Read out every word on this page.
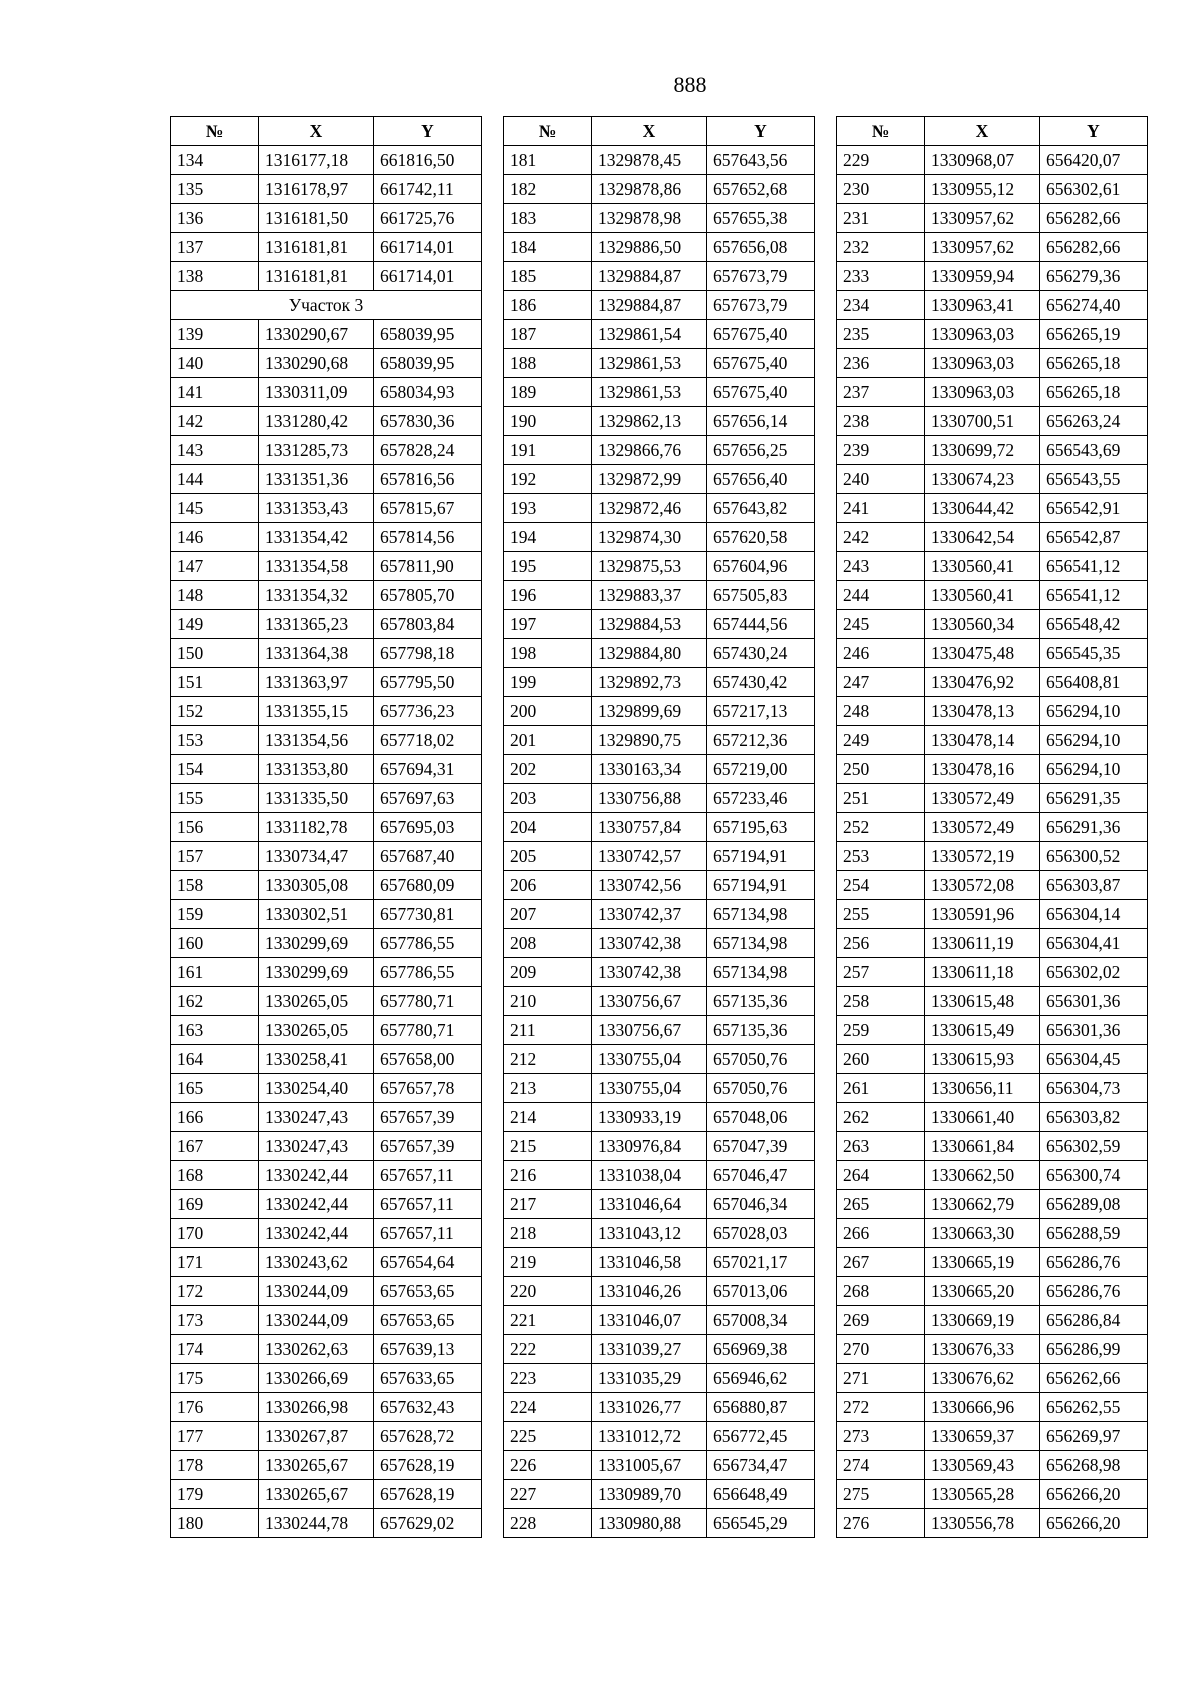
888
№	X	Y
134	1316177,18	661816,50
135	1316178,97	661742,11
136	1316181,50	661725,76
137	1316181,81	661714,01
138	1316181,81	661714,01
Участок 3		
139	1330290,67	658039,95
140	1330290,68	658039,95
141	1330311,09	658034,93
142	1331280,42	657830,36
143	1331285,73	657828,24
144	1331351,36	657816,56
145	1331353,43	657815,67
146	1331354,42	657814,56
147	1331354,58	657811,90
148	1331354,32	657805,70
149	1331365,23	657803,84
150	1331364,38	657798,18
151	1331363,97	657795,50
152	1331355,15	657736,23
153	1331354,56	657718,02
154	1331353,80	657694,31
155	1331335,50	657697,63
156	1331182,78	657695,03
157	1330734,47	657687,40
158	1330305,08	657680,09
159	1330302,51	657730,81
160	1330299,69	657786,55
161	1330299,69	657786,55
162	1330265,05	657780,71
163	1330265,05	657780,71
164	1330258,41	657658,00
165	1330254,40	657657,78
166	1330247,43	657657,39
167	1330247,43	657657,39
168	1330242,44	657657,11
169	1330242,44	657657,11
170	1330242,44	657657,11
171	1330243,62	657654,64
172	1330244,09	657653,65
173	1330244,09	657653,65
174	1330262,63	657639,13
175	1330266,69	657633,65
176	1330266,98	657632,43
177	1330267,87	657628,72
178	1330265,67	657628,19
179	1330265,67	657628,19
180	1330244,78	657629,02
№	X	Y
181	1329878,45	657643,56
182	1329878,86	657652,68
183	1329878,98	657655,38
184	1329886,50	657656,08
185	1329884,87	657673,79
186	1329884,87	657673,79
187	1329861,54	657675,40
188	1329861,53	657675,40
189	1329861,53	657675,40
190	1329862,13	657656,14
191	1329866,76	657656,25
192	1329872,99	657656,40
193	1329872,46	657643,82
194	1329874,30	657620,58
195	1329875,53	657604,96
196	1329883,37	657505,83
197	1329884,53	657444,56
198	1329884,80	657430,24
199	1329892,73	657430,42
200	1329899,69	657217,13
201	1329890,75	657212,36
202	1330163,34	657219,00
203	1330756,88	657233,46
204	1330757,84	657195,63
205	1330742,57	657194,91
206	1330742,56	657194,91
207	1330742,37	657134,98
208	1330742,38	657134,98
209	1330742,38	657134,98
210	1330756,67	657135,36
211	1330756,67	657135,36
212	1330755,04	657050,76
213	1330755,04	657050,76
214	1330933,19	657048,06
215	1330976,84	657047,39
216	1331038,04	657046,47
217	1331046,64	657046,34
218	1331043,12	657028,03
219	1331046,58	657021,17
220	1331046,26	657013,06
221	1331046,07	657008,34
222	1331039,27	656969,38
223	1331035,29	656946,62
224	1331026,77	656880,87
225	1331012,72	656772,45
226	1331005,67	656734,47
227	1330989,70	656648,49
228	1330980,88	656545,29
№	X	Y
229	1330968,07	656420,07
230	1330955,12	656302,61
231	1330957,62	656282,66
232	1330957,62	656282,66
233	1330959,94	656279,36
234	1330963,41	656274,40
235	1330963,03	656265,19
236	1330963,03	656265,18
237	1330963,03	656265,18
238	1330700,51	656263,24
239	1330699,72	656543,69
240	1330674,23	656543,55
241	1330644,42	656542,91
242	1330642,54	656542,87
243	1330560,41	656541,12
244	1330560,41	656541,12
245	1330560,34	656548,42
246	1330475,48	656545,35
247	1330476,92	656408,81
248	1330478,13	656294,10
249	1330478,14	656294,10
250	1330478,16	656294,10
251	1330572,49	656291,35
252	1330572,49	656291,36
253	1330572,19	656300,52
254	1330572,08	656303,87
255	1330591,96	656304,14
256	1330611,19	656304,41
257	1330611,18	656302,02
258	1330615,48	656301,36
259	1330615,49	656301,36
260	1330615,93	656304,45
261	1330656,11	656304,73
262	1330661,40	656303,82
263	1330661,84	656302,59
264	1330662,50	656300,74
265	1330662,79	656289,08
266	1330663,30	656288,59
267	1330665,19	656286,76
268	1330665,20	656286,76
269	1330669,19	656286,84
270	1330676,33	656286,99
271	1330676,62	656262,66
272	1330666,96	656262,55
273	1330659,37	656269,97
274	1330569,43	656268,98
275	1330565,28	656266,20
276	1330556,78	656266,20
